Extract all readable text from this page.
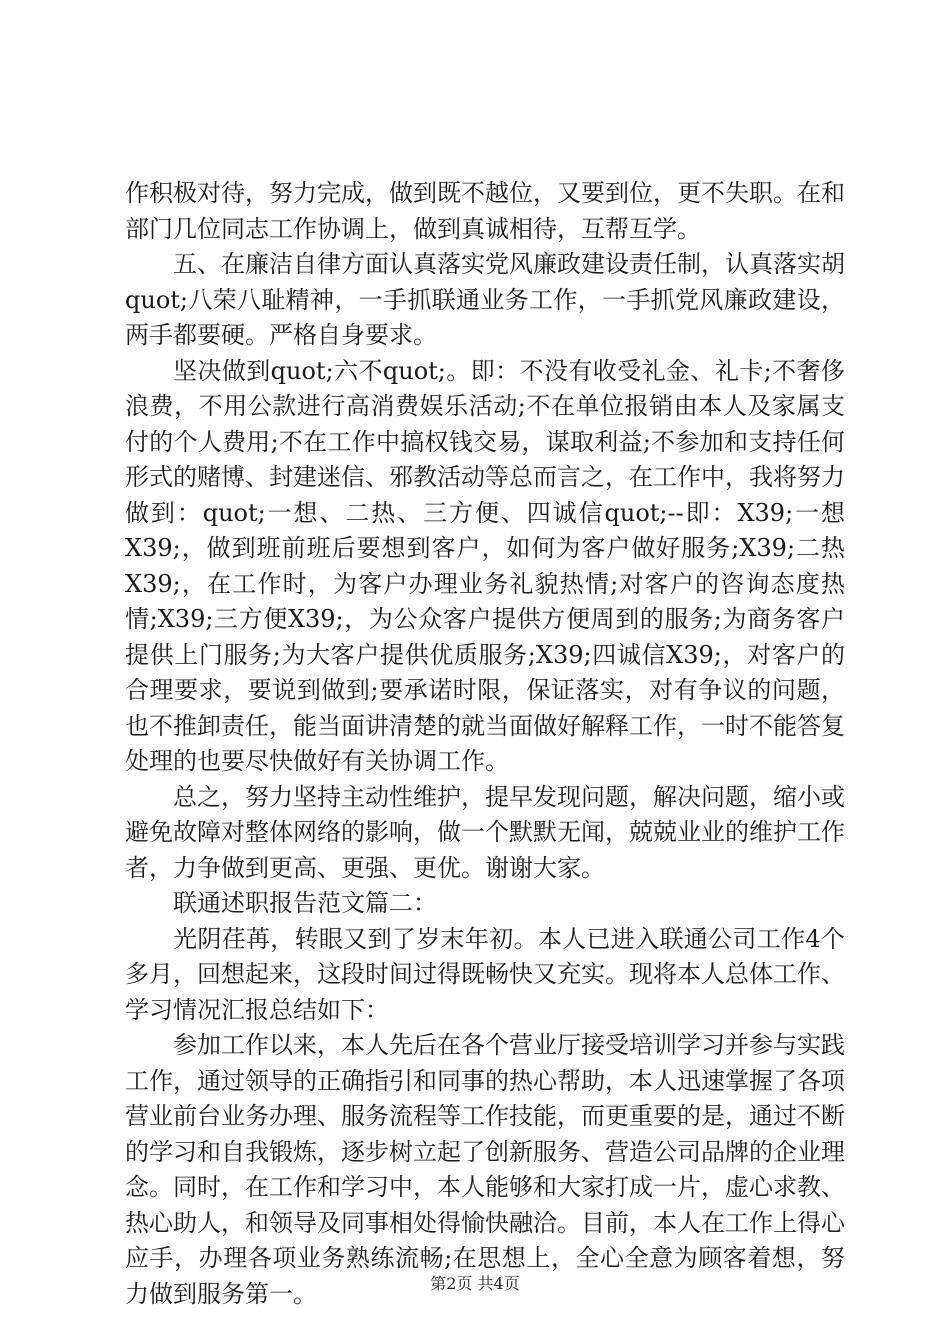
作积极对待，努力完成，做到既不越位，又要到位，更不失职。在和部门几位同志工作协调上，做到真诚相待，互帮互学。

五、在廉洁自律方面认真落实党风廉政建设责任制，认真落实胡quot;八荣八耻精神，一手抓联通业务工作，一手抓党风廉政建设，两手都要硬。严格自身要求。

坚决做到quot;六不quot;。即：不没有收受礼金、礼卡;不奢侈浪费，不用公款进行高消费娱乐活动;不在单位报销由本人及家属支付的个人费用;不在工作中搞权钱交易，谋取利益;不参加和支持任何形式的赌博、封建迷信、邪教活动等总而言之，在工作中，我将努力做到：quot;一想、二热、三方便、四诚信quot;--即：X39;一想X39;，做到班前班后要想到客户，如何为客户做好服务;X39;二热X39;，在工作时，为客户办理业务礼貌热情;对客户的咨询态度热情;X39;三方便X39;，为公众客户提供方便周到的服务;为商务客户提供上门服务;为大客户提供优质服务;X39;四诚信X39;，对客户的合理要求，要说到做到;要承诺时限，保证落实，对有争议的问题，也不推卸责任，能当面讲清楚的就当面做好解释工作，一时不能答复处理的也要尽快做好有关协调工作。

总之，努力坚持主动性维护，提早发现问题，解决问题，缩小或避免故障对整体网络的影响，做一个默默无闻，兢兢业业的维护工作者，力争做到更高、更强、更优。谢谢大家。

联通述职报告范文篇二：

光阴荏苒，转眼又到了岁末年初。本人已进入联通公司工作4个多月，回想起来，这段时间过得既畅快又充实。现将本人总体工作、学习情况汇报总结如下：

参加工作以来，本人先后在各个营业厅接受培训学习并参与实践工作，通过领导的正确指引和同事的热心帮助，本人迅速掌握了各项营业前台业务办理、服务流程等工作技能，而更重要的是，通过不断的学习和自我锻炼，逐步树立起了创新服务、营造公司品牌的企业理念。同时，在工作和学习中，本人能够和大家打成一片，虚心求教、热心助人，和领导及同事相处得愉快融洽。目前，本人在工作上得心应手，办理各项业务熟练流畅;在思想上，全心全意为顾客着想，努力做到服务第一。	第2页 共4页
